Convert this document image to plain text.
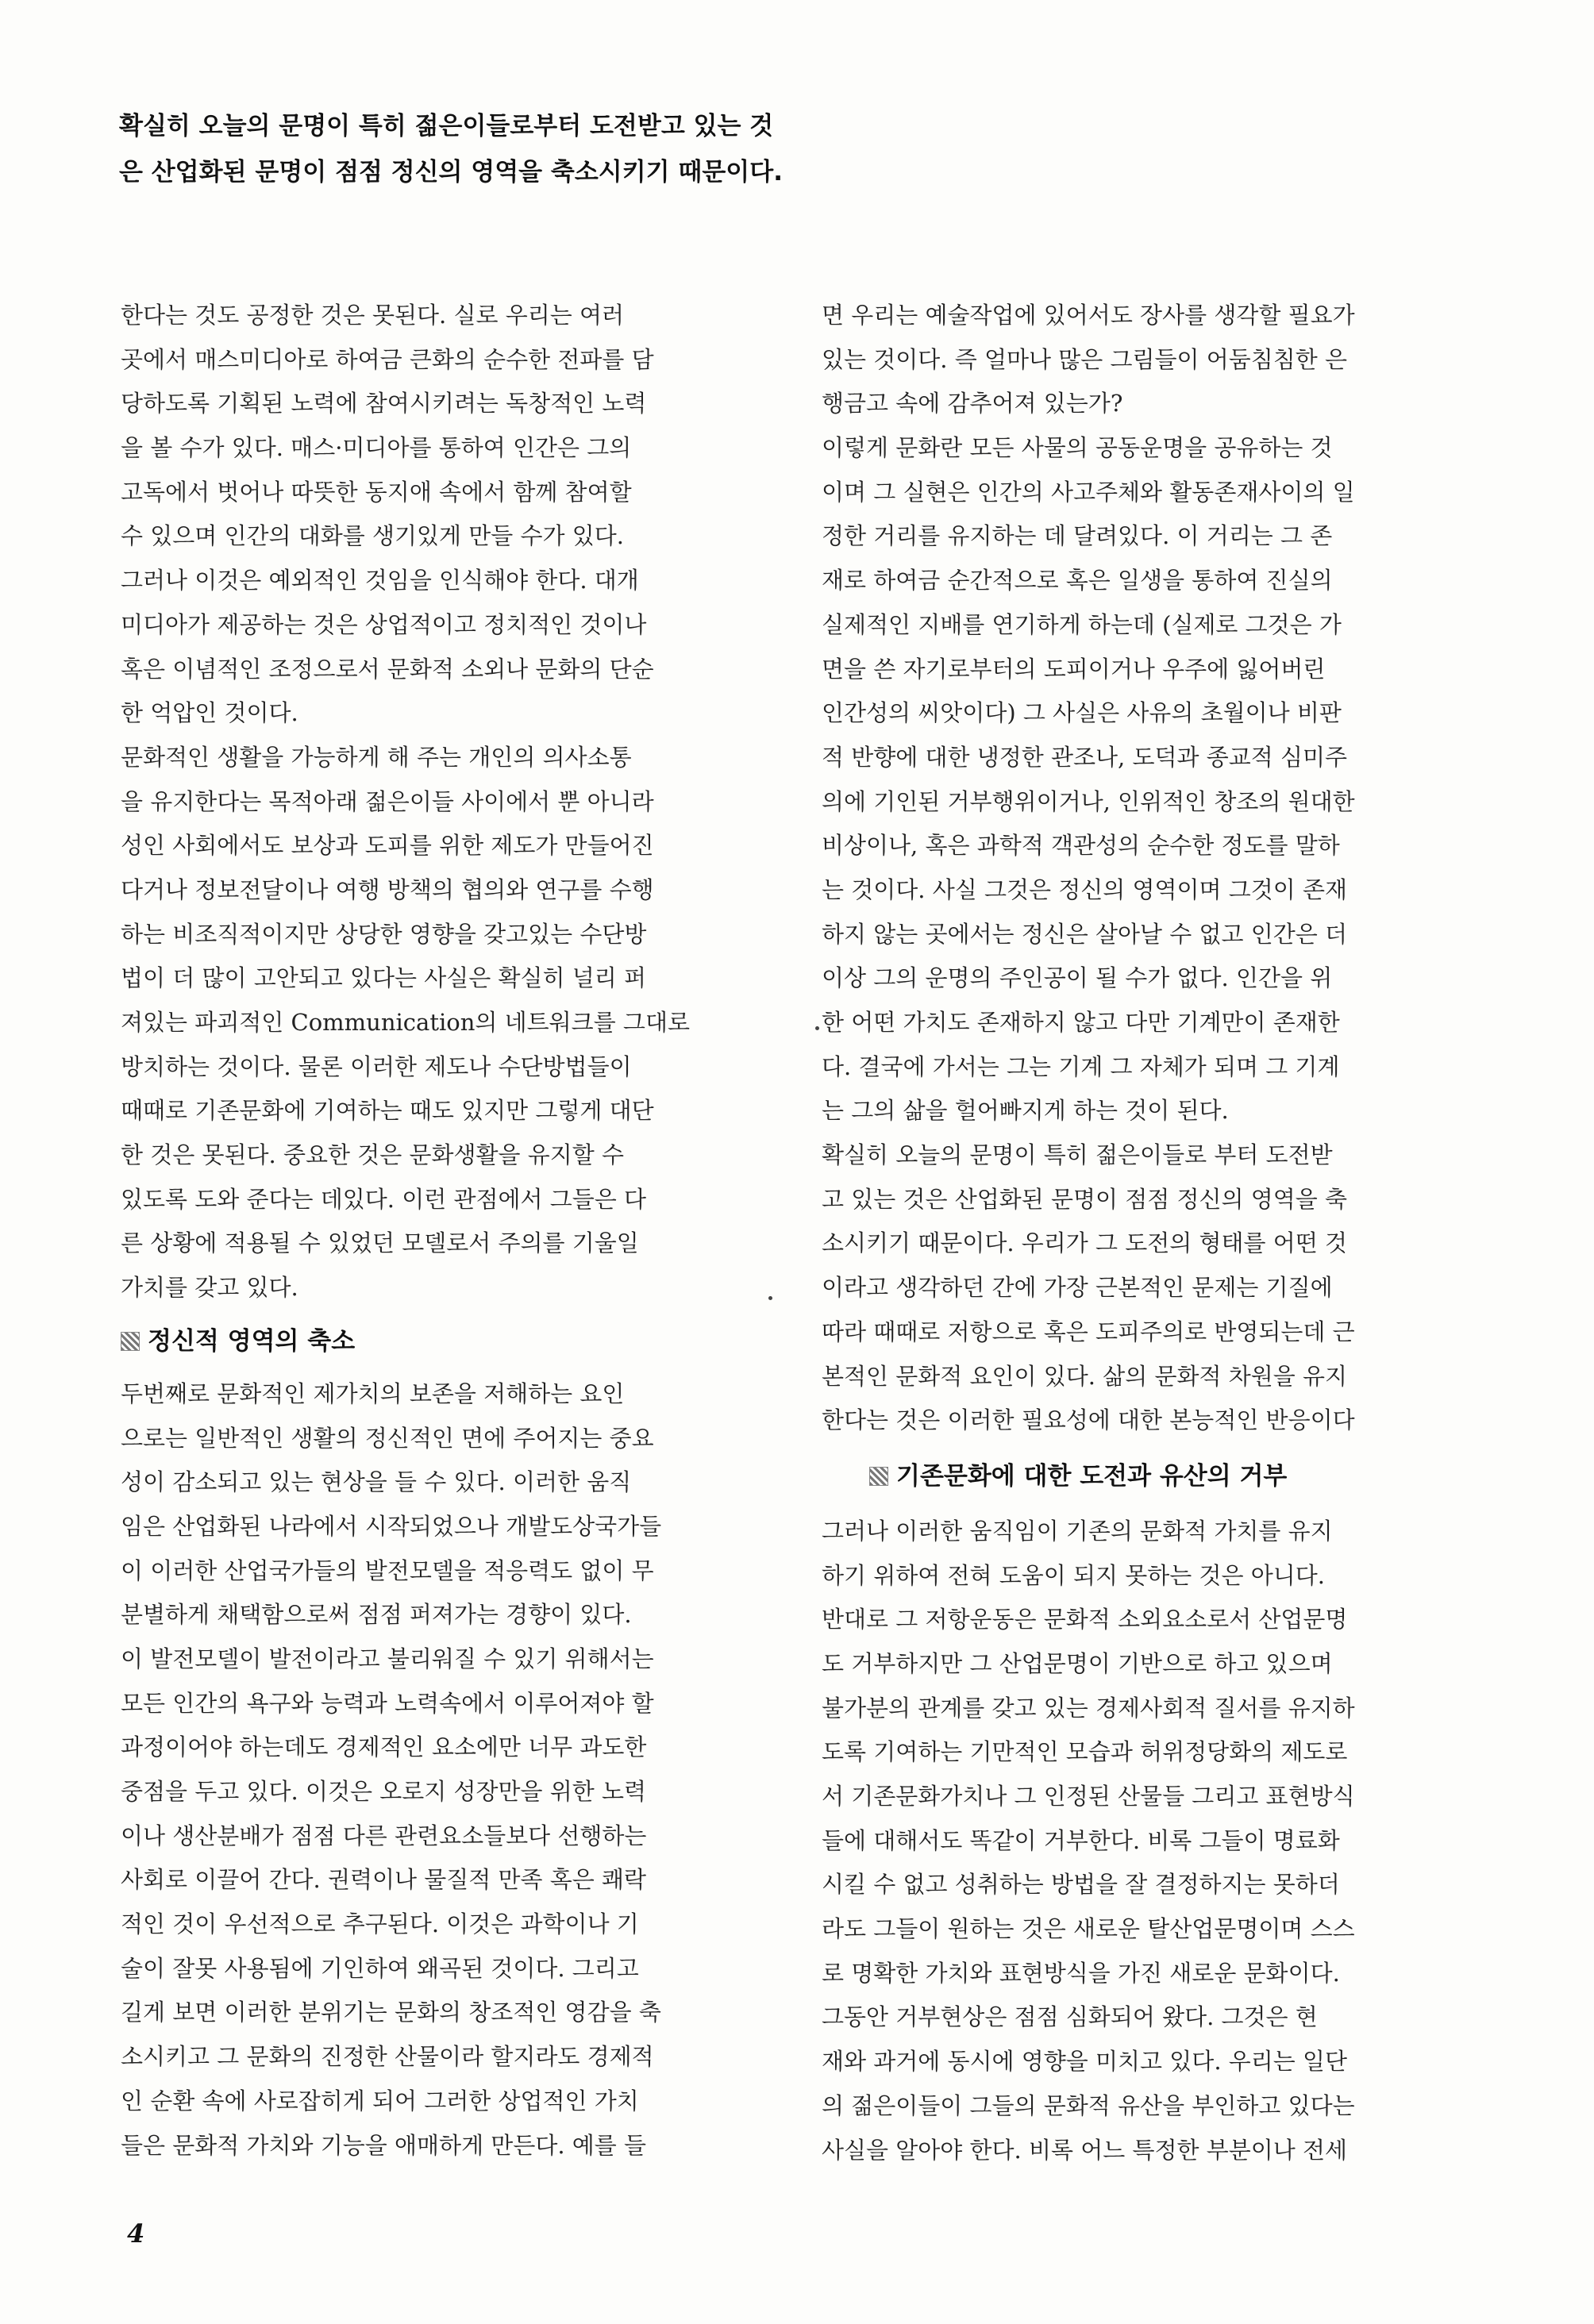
확실히 오늘의 문명이 특히 젊은이들로부터 도전받고 있는 것
은 산업화된 문명이 점점 정신의 영역을 축소시키기 때문이다.
한다는 것도 공정한 것은 못된다. 실로 우리는 여러
곳에서 매스미디아로 하여금 큰화의 순수한 전파를 담
당하도록 기획된 노력에 참여시키려는 독창적인 노력
을 볼 수가 있다. 매스·미디아를 통하여 인간은 그의
고독에서 벗어나 따뜻한 동지애 속에서 함께 참여할
수 있으며 인간의 대화를 생기있게 만들 수가 있다.
그러나 이것은 예외적인 것임을 인식해야 한다. 대개
미디아가 제공하는 것은 상업적이고 정치적인 것이나
혹은 이념적인 조정으로서 문화적 소외나 문화의 단순
한 억압인 것이다.
문화적인 생활을 가능하게 해 주는 개인의 의사소통
을 유지한다는 목적아래 젊은이들 사이에서 뿐 아니라
성인 사회에서도 보상과 도피를 위한 제도가 만들어진
다거나 정보전달이나 여행 방책의 협의와 연구를 수행
하는 비조직적이지만 상당한 영향을 갖고있는 수단방
법이 더 많이 고안되고 있다는 사실은 확실히 널리 퍼
져있는 파괴적인 Communication의 네트워크를 그대로
방치하는 것이다. 물론 이러한 제도나 수단방법들이
때때로 기존문화에 기여하는 때도 있지만 그렇게 대단
한 것은 못된다. 중요한 것은 문화생활을 유지할 수
있도록 도와 준다는 데있다. 이런 관점에서 그들은 다
른 상황에 적용될 수 있었던 모델로서 주의를 기울일
가치를 갖고 있다.
정신적 영역의 축소
두번째로 문화적인 제가치의 보존을 저해하는 요인
으로는 일반적인 생활의 정신적인 면에 주어지는 중요
성이 감소되고 있는 현상을 들 수 있다. 이러한 움직
임은 산업화된 나라에서 시작되었으나 개발도상국가들
이 이러한 산업국가들의 발전모델을 적응력도 없이 무
분별하게 채택함으로써 점점 퍼져가는 경향이 있다.
이 발전모델이 발전이라고 불리워질 수 있기 위해서는
모든 인간의 욕구와 능력과 노력속에서 이루어져야 할
과정이어야 하는데도 경제적인 요소에만 너무 과도한
중점을 두고 있다. 이것은 오로지 성장만을 위한 노력
이나 생산분배가 점점 다른 관련요소들보다 선행하는
사회로 이끌어 간다. 권력이나 물질적 만족 혹은 쾌락
적인 것이 우선적으로 추구된다. 이것은 과학이나 기
술이 잘못 사용됨에 기인하여 왜곡된 것이다. 그리고
길게 보면 이러한 분위기는 문화의 창조적인 영감을 축
소시키고 그 문화의 진정한 산물이라 할지라도 경제적
인 순환 속에 사로잡히게 되어 그러한 상업적인 가치
들은 문화적 가치와 기능을 애매하게 만든다. 예를 들
면 우리는 예술작업에 있어서도 장사를 생각할 필요가
있는 것이다. 즉 얼마나 많은 그림들이 어둠침침한 은
행금고 속에 감추어져 있는가?
이렇게 문화란 모든 사물의 공동운명을 공유하는 것
이며 그 실현은 인간의 사고주체와 활동존재사이의 일
정한 거리를 유지하는 데 달려있다. 이 거리는 그 존
재로 하여금 순간적으로 혹은 일생을 통하여 진실의
실제적인 지배를 연기하게 하는데 (실제로 그것은 가
면을 쓴 자기로부터의 도피이거나 우주에 잃어버린
인간성의 씨앗이다) 그 사실은 사유의 초월이나 비판
적 반향에 대한 냉정한 관조나, 도덕과 종교적 심미주
의에 기인된 거부행위이거나, 인위적인 창조의 원대한
비상이나, 혹은 과학적 객관성의 순수한 정도를 말하
는 것이다. 사실 그것은 정신의 영역이며 그것이 존재
하지 않는 곳에서는 정신은 살아날 수 없고 인간은 더
이상 그의 운명의 주인공이 될 수가 없다. 인간을 위
한 어떤 가치도 존재하지 않고 다만 기계만이 존재한
다. 결국에 가서는 그는 기계 그 자체가 되며 그 기계
는 그의 삶을 헐어빠지게 하는 것이 된다.
확실히 오늘의 문명이 특히 젊은이들로 부터 도전받
고 있는 것은 산업화된 문명이 점점 정신의 영역을 축
소시키기 때문이다. 우리가 그 도전의 형태를 어떤 것
이라고 생각하던 간에 가장 근본적인 문제는 기질에
따라 때때로 저항으로 혹은 도피주의로 반영되는데 근
본적인 문화적 요인이 있다. 삶의 문화적 차원을 유지
한다는 것은 이러한 필요성에 대한 본능적인 반응이다
기존문화에 대한 도전과 유산의 거부
그러나 이러한 움직임이 기존의 문화적 가치를 유지
하기 위하여 전혀 도움이 되지 못하는 것은 아니다.
반대로 그 저항운동은 문화적 소외요소로서 산업문명
도 거부하지만 그 산업문명이 기반으로 하고 있으며
불가분의 관계를 갖고 있는 경제사회적 질서를 유지하
도록 기여하는 기만적인 모습과 허위정당화의 제도로
서 기존문화가치나 그 인정된 산물들 그리고 표현방식
들에 대해서도 똑같이 거부한다. 비록 그들이 명료화
시킬 수 없고 성취하는 방법을 잘 결정하지는 못하더
라도 그들이 원하는 것은 새로운 탈산업문명이며 스스
로 명확한 가치와 표현방식을 가진 새로운 문화이다.
그동안 거부현상은 점점 심화되어 왔다. 그것은 현
재와 과거에 동시에 영향을 미치고 있다. 우리는 일단
의 젊은이들이 그들의 문화적 유산을 부인하고 있다는
사실을 알아야 한다. 비록 어느 특정한 부분이나 전세
4
